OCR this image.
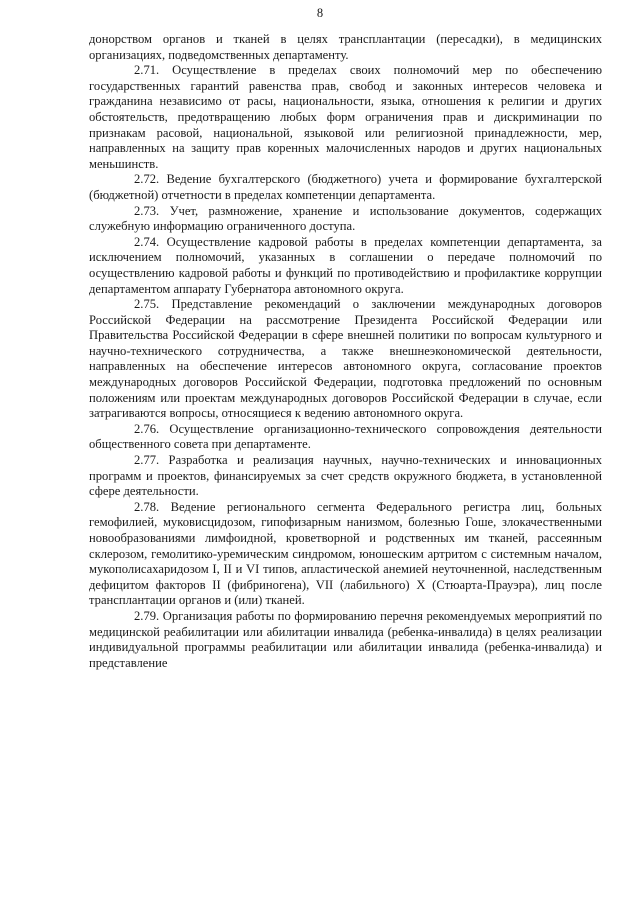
8

донорством органов и тканей в целях трансплантации (пересадки), в медицинских организациях, подведомственных департаменту.

2.71. Осуществление в пределах своих полномочий мер по обеспечению государственных гарантий равенства прав, свобод и законных интересов человека и гражданина независимо от расы, национальности, языка, отношения к религии и других обстоятельств, предотвращению любых форм ограничения прав и дискриминации по признакам расовой, национальной, языковой или религиозной принадлежности, мер, направленных на защиту прав коренных малочисленных народов и других национальных меньшинств.

2.72. Ведение бухгалтерского (бюджетного) учета и формирование бухгалтерской (бюджетной) отчетности в пределах компетенции департамента.

2.73. Учет, размножение, хранение и использование документов, содержащих служебную информацию ограниченного доступа.

2.74. Осуществление кадровой работы в пределах компетенции департамента, за исключением полномочий, указанных в соглашении о передаче полномочий по осуществлению кадровой работы и функций по противодействию и профилактике коррупции департаментом аппарату Губернатора автономного округа.

2.75. Представление рекомендаций о заключении международных договоров Российской Федерации на рассмотрение Президента Российской Федерации или Правительства Российской Федерации в сфере внешней политики по вопросам культурного и научно-технического сотрудничества, а также внешнеэкономической деятельности, направленных на обеспечение интересов автономного округа, согласование проектов международных договоров Российской Федерации, подготовка предложений по основным положениям или проектам международных договоров Российской Федерации в случае, если затрагиваются вопросы, относящиеся к ведению автономного округа.

2.76. Осуществление организационно-технического сопровождения деятельности общественного совета при департаменте.

2.77. Разработка и реализация научных, научно-технических и инновационных программ и проектов, финансируемых за счет средств окружного бюджета, в установленной сфере деятельности.

2.78. Ведение регионального сегмента Федерального регистра лиц, больных гемофилией, муковисцидозом, гипофизарным нанизмом, болезнью Гоше, злокачественными новообразованиями лимфоидной, кроветворной и родственных им тканей, рассеянным склерозом, гемолитико-уремическим синдромом, юношеским артритом с системным началом, мукополисахаридозом I, II и VI типов, апластической анемией неуточненной, наследственным дефицитом факторов II (фибриногена), VII (лабильного) X (Стюарта-Прауэра), лиц после трансплантации органов и (или) тканей.

2.79. Организация работы по формированию перечня рекомендуемых мероприятий по медицинской реабилитации или абилитации инвалида (ребенка-инвалида) в целях реализации индивидуальной программы реабилитации или абилитации инвалида (ребенка-инвалида) и представление
